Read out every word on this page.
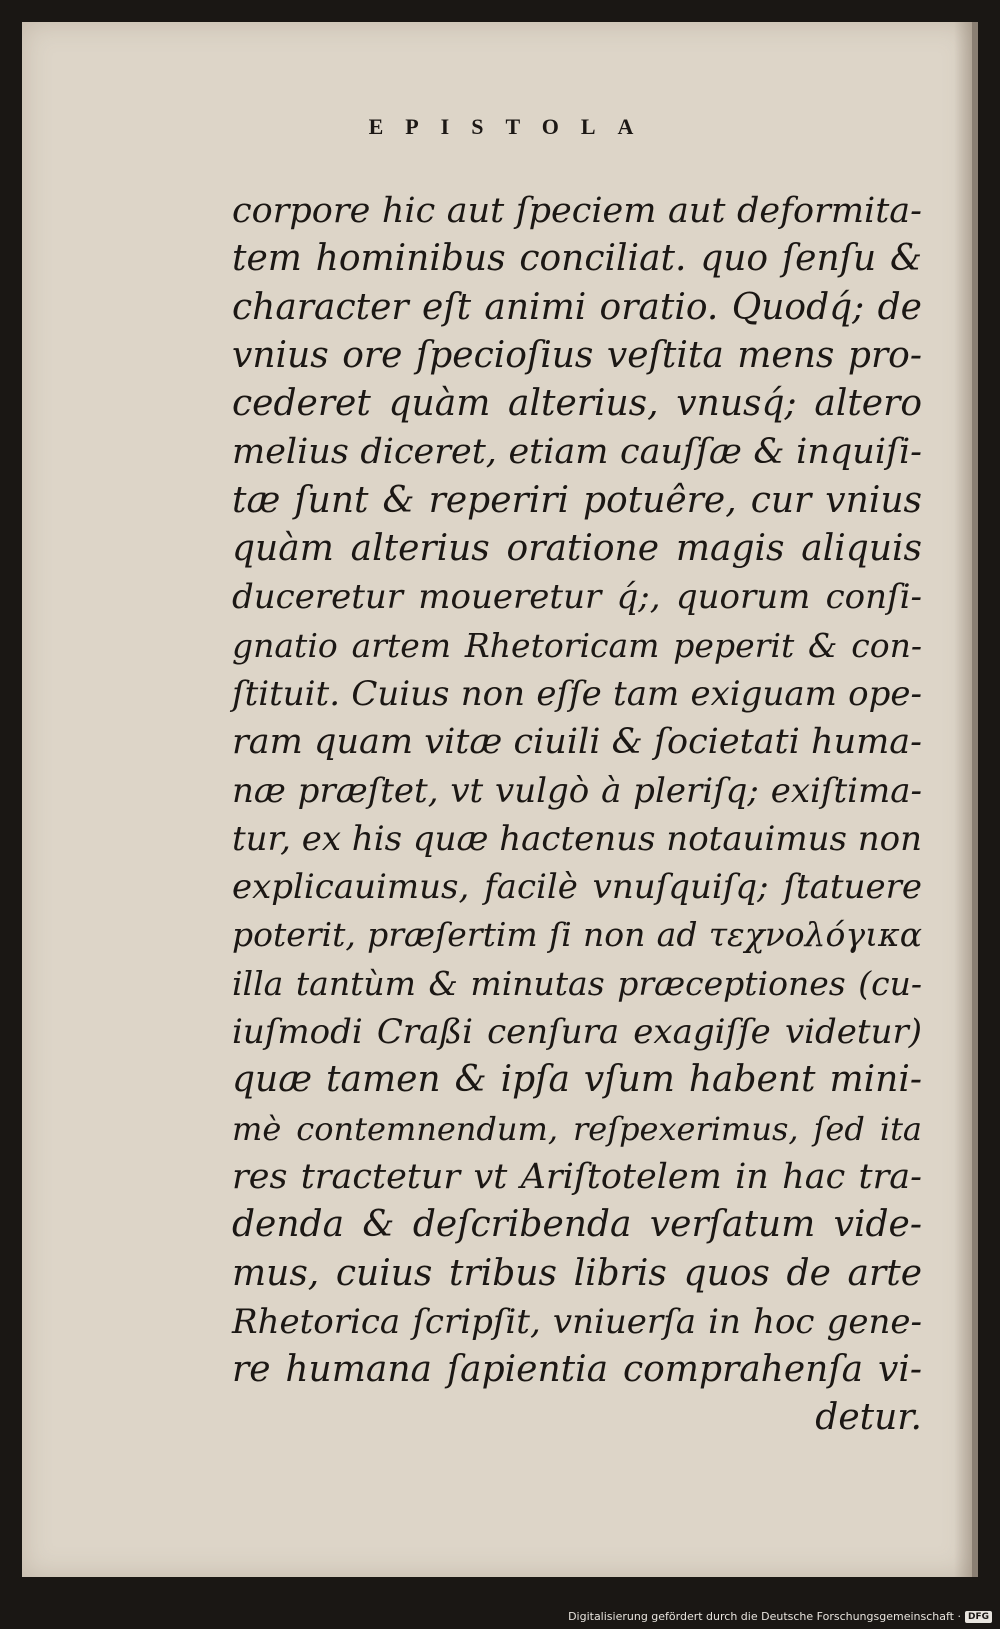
EPISTOLA
corpore hic aut ſpeciem aut deformita-
tem hominibus conciliat. quo ſenſu &
character eſt animi oratio. Quodq́; de
vnius ore ſpecioſius veſtita mens pro-
cederet quàm alterius, vnusq́; altero
melius diceret, etiam cauſſæ & inquiſi-
tæ ſunt & reperiri potuêre, cur vnius
quàm alterius oratione magis aliquis
duceretur moueretur q́;, quorum conſi-
gnatio artem Rhetoricam peperit & con-
ſtituit. Cuius non eſſe tam exiguam ope-
ram quam vitæ ciuili & ſocietati huma-
næ præſtet, vt vulgò à pleriſq; exiſtima-
tur, ex his quæ hactenus notauimus non
explicauimus, facilè vnuſquiſq; ſtatuere
poterit, præſertim ſi non ad τεχνολόγικα
illa tantùm & minutas præceptiones (cu-
iuſmodi Craßi cenſura exagiſſe videtur)
quæ tamen & ipſa vſum habent mini-
mè contemnendum, reſpexerimus, ſed ita
res tractetur vt Ariſtotelem in hac tra-
denda & deſcribenda verſatum vide-
mus, cuius tribus libris quos de arte
Rhetorica ſcripſit, vniuerſa in hoc gene-
re humana ſapientia comprahenſa vi-
detur.
Digitalisierung gefördert durch die Deutsche Forschungsgemeinschaft · DFG
